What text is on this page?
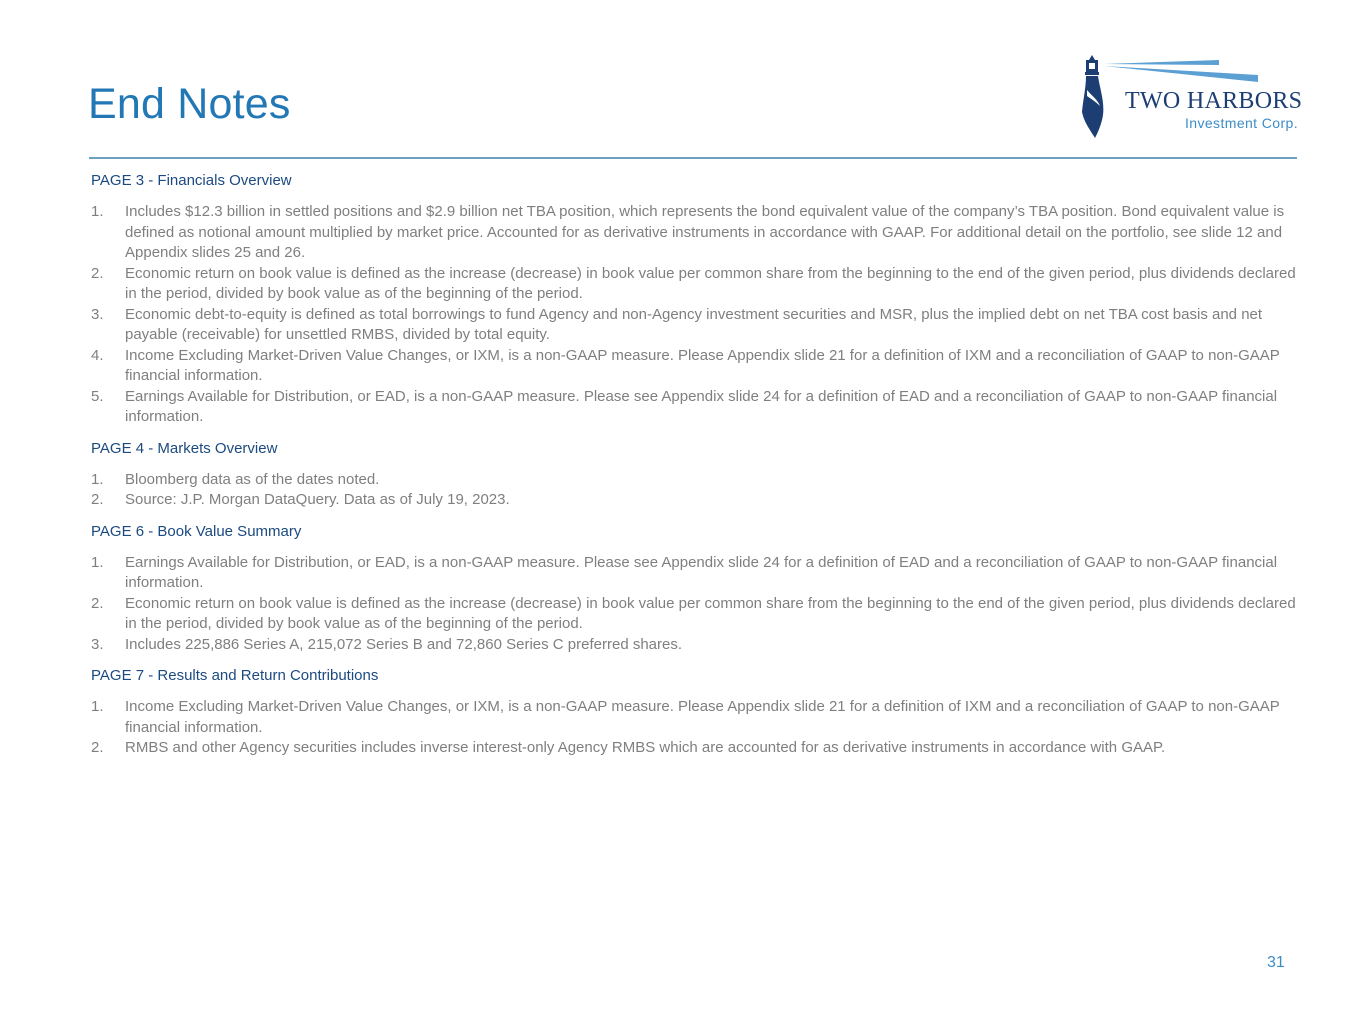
End Notes	TWO HARBORS
Investment Corp.
PAGE 3 - Financials Overview
1.	Includes $12.3 billion in settled positions and $2.9 billion net TBA position, which represents the bond equivalent value of the company’s TBA position. Bond equivalent value is defined as notional amount multiplied by market price. Accounted for as derivative instruments in accordance with GAAP. For additional detail on the portfolio, see slide 12 and Appendix slides 25 and 26.
2.	Economic return on book value is defined as the increase (decrease) in book value per common share from the beginning to the end of the given period, plus dividends declared in the period, divided by book value as of the beginning of the period.
3.	Economic debt-to-equity is defined as total borrowings to fund Agency and non-Agency investment securities and MSR, plus the implied debt on net TBA cost basis and net payable (receivable) for unsettled RMBS, divided by total equity.
4.	Income Excluding Market-Driven Value Changes, or IXM, is a non-GAAP measure. Please Appendix slide 21 for a definition of IXM and a reconciliation of GAAP to non-GAAP financial information.
5.	Earnings Available for Distribution, or EAD, is a non-GAAP measure. Please see Appendix slide 24 for a definition of EAD and a reconciliation of GAAP to non-GAAP financial information.
PAGE 4 - Markets Overview
1.	Bloomberg data as of the dates noted.
2.	Source: J.P. Morgan DataQuery. Data as of July 19, 2023.
PAGE 6 - Book Value Summary
1.	Earnings Available for Distribution, or EAD, is a non-GAAP measure. Please see Appendix slide 24 for a definition of EAD and a reconciliation of GAAP to non-GAAP financial information.
2.	Economic return on book value is defined as the increase (decrease) in book value per common share from the beginning to the end of the given period, plus dividends declared in the period, divided by book value as of the beginning of the period.
3.	Includes 225,886 Series A, 215,072 Series B and 72,860 Series C preferred shares.
PAGE 7 - Results and Return Contributions
1.	Income Excluding Market-Driven Value Changes, or IXM, is a non-GAAP measure. Please Appendix slide 21 for a definition of IXM and a reconciliation of GAAP to non-GAAP financial information.
2.	RMBS and other Agency securities includes inverse interest-only Agency RMBS which are accounted for as derivative instruments in accordance with GAAP.
31
